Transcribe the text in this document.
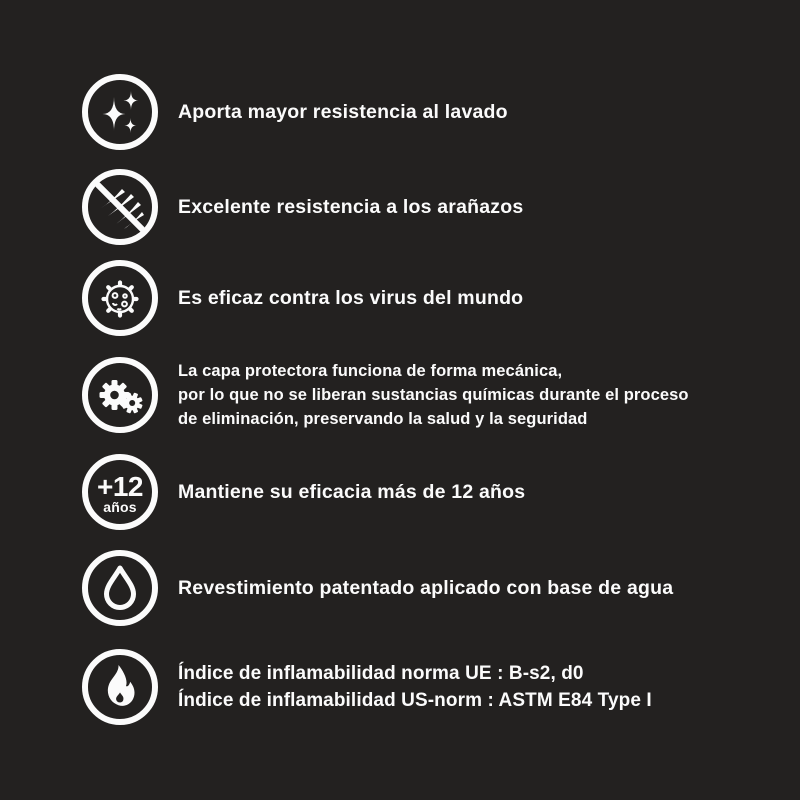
Aporta mayor resistencia al lavado
Excelente resistencia a los arañazos
Es eficaz contra los virus del mundo
La capa protectora funciona de forma mecánica,
por lo que no se liberan sustancias químicas durante el proceso
de eliminación, preservando la salud y la seguridad
+12
años
Mantiene su eficacia más de 12 años
Revestimiento patentado aplicado con base de agua
Índice de inflamabilidad norma UE : B-s2, d0
Índice de inflamabilidad US-norm : ASTM E84 Type I
